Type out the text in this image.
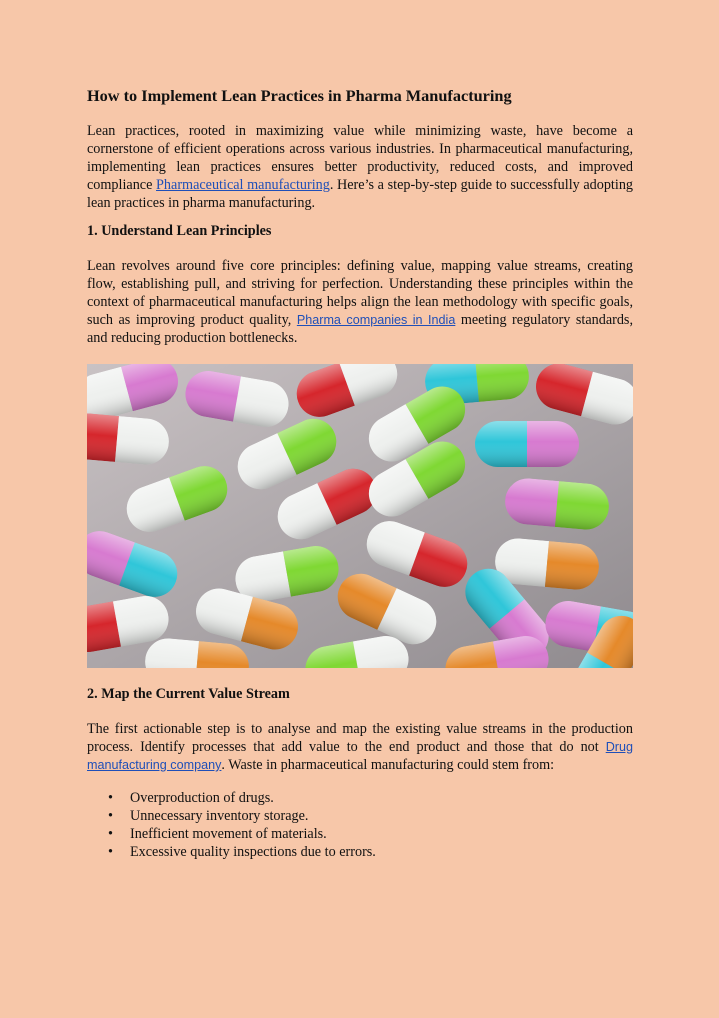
How to Implement Lean Practices in Pharma Manufacturing

Lean practices, rooted in maximizing value while minimizing waste, have become a cornerstone of efficient operations across various industries. In pharmaceutical manufacturing, implementing lean practices ensures better productivity, reduced costs, and improved compliance Pharmaceutical manufacturing. Here’s a step-by-step guide to successfully adopting lean practices in pharma manufacturing.

1. Understand Lean Principles

Lean revolves around five core principles: defining value, mapping value streams, creating flow, establishing pull, and striving for perfection. Understanding these principles within the context of pharmaceutical manufacturing helps align the lean methodology with specific goals, such as improving product quality, Pharma companies in India meeting regulatory standards, and reducing production bottlenecks.

2. Map the Current Value Stream

The first actionable step is to analyse and map the existing value streams in the production process. Identify processes that add value to the end product and those that do not Drug manufacturing company. Waste in pharmaceutical manufacturing could stem from:

• Overproduction of drugs.
• Unnecessary inventory storage.
• Inefficient movement of materials.
• Excessive quality inspections due to errors.
